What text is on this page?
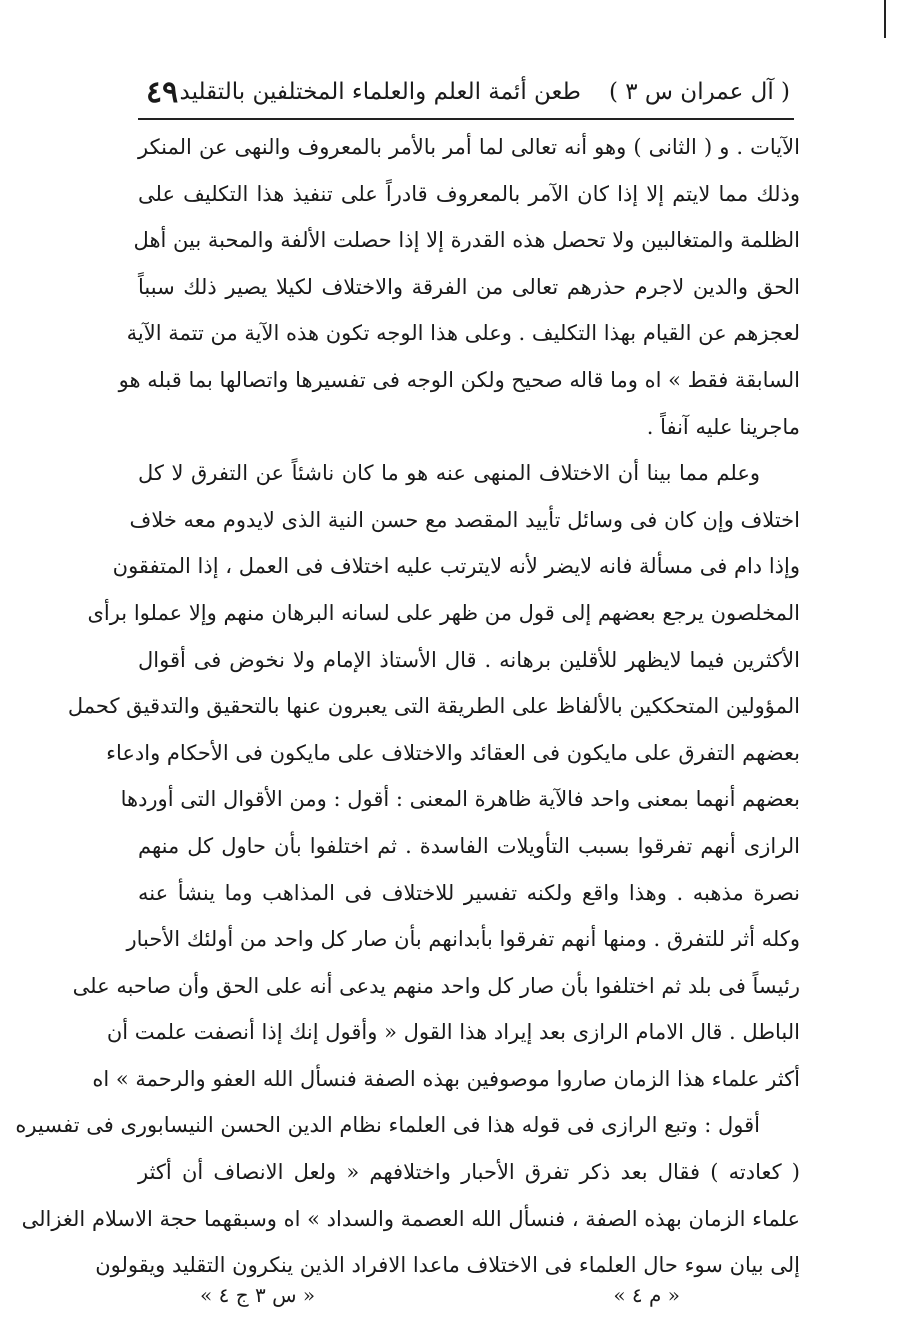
( آل عمران س ٣ )
طعن أئمة العلم والعلماء المختلفين بالتقليد
٤٩
الآيات . و ( الثانى ) وهو أنه تعالى لما أمر بالأمر بالمعروف والنهى عن المنكر
وذلك مما لايتم إلا إذا كان الآمر بالمعروف قادراً على تنفيذ هذا التكليف على
الظلمة والمتغالبين ولا تحصل هذه القدرة إلا إذا حصلت الألفة والمحبة بين أهل
الحق والدين لاجرم حذرهم تعالى من الفرقة والاختلاف لكيلا يصير ذلك سبباً
لعجزهم عن القيام بهذا التكليف . وعلى هذا الوجه تكون هذه الآية من تتمة الآية
السابقة فقط » اه وما قاله صحيح ولكن الوجه فى تفسيرها واتصالها بما قبله هو
ماجرينا عليه آنفاً .
وعلم مما بينا أن الاختلاف المنهى عنه هو ما كان ناشئاً عن التفرق لا كل
اختلاف وإن كان فى وسائل تأييد المقصد مع حسن النية الذى لايدوم معه خلاف
وإذا دام فى مسألة فانه لايضر لأنه لايترتب عليه اختلاف فى العمل ، إذا المتفقون
المخلصون يرجع بعضهم إلى قول من ظهر على لسانه البرهان منهم وإلا عملوا برأى
الأكثرين فيما لايظهر للأقلين برهانه . قال الأستاذ الإمام ولا نخوض فى أقوال
المؤولين المتحككين بالألفاظ على الطريقة التى يعبرون عنها بالتحقيق والتدقيق كحمل
بعضهم التفرق على مايكون فى العقائد والاختلاف على مايكون فى الأحكام وادعاء
بعضهم أنهما بمعنى واحد فالآية ظاهرة المعنى : أقول : ومن الأقوال التى أوردها
الرازى أنهم تفرقوا بسبب التأويلات الفاسدة . ثم اختلفوا بأن حاول كل منهم
نصرة مذهبه . وهذا واقع ولكنه تفسير للاختلاف فى المذاهب وما ينشأ عنه
وكله أثر للتفرق . ومنها أنهم تفرقوا بأبدانهم بأن صار كل واحد من أولئك الأحبار
رئيساً فى بلد ثم اختلفوا بأن صار كل واحد منهم يدعى أنه على الحق وأن صاحبه على
الباطل . قال الامام الرازى بعد إيراد هذا القول « وأقول إنك إذا أنصفت علمت أن
أكثر علماء هذا الزمان صاروا موصوفين بهذه الصفة فنسأل الله العفو والرحمة » اه
أقول : وتبع الرازى فى قوله هذا فى العلماء نظام الدين الحسن النيسابورى فى تفسيره
( كعادته ) فقال بعد ذكر تفرق الأحبار واختلافهم « ولعل الانصاف أن أكثر
علماء الزمان بهذه الصفة ، فنسأل الله العصمة والسداد » اه وسبقهما حجة الاسلام الغزالى
إلى بيان سوء حال العلماء فى الاختلاف ماعدا الافراد الذين ينكرون التقليد ويقولون
« م ٤ »
« س ٣ ج ٤ »
